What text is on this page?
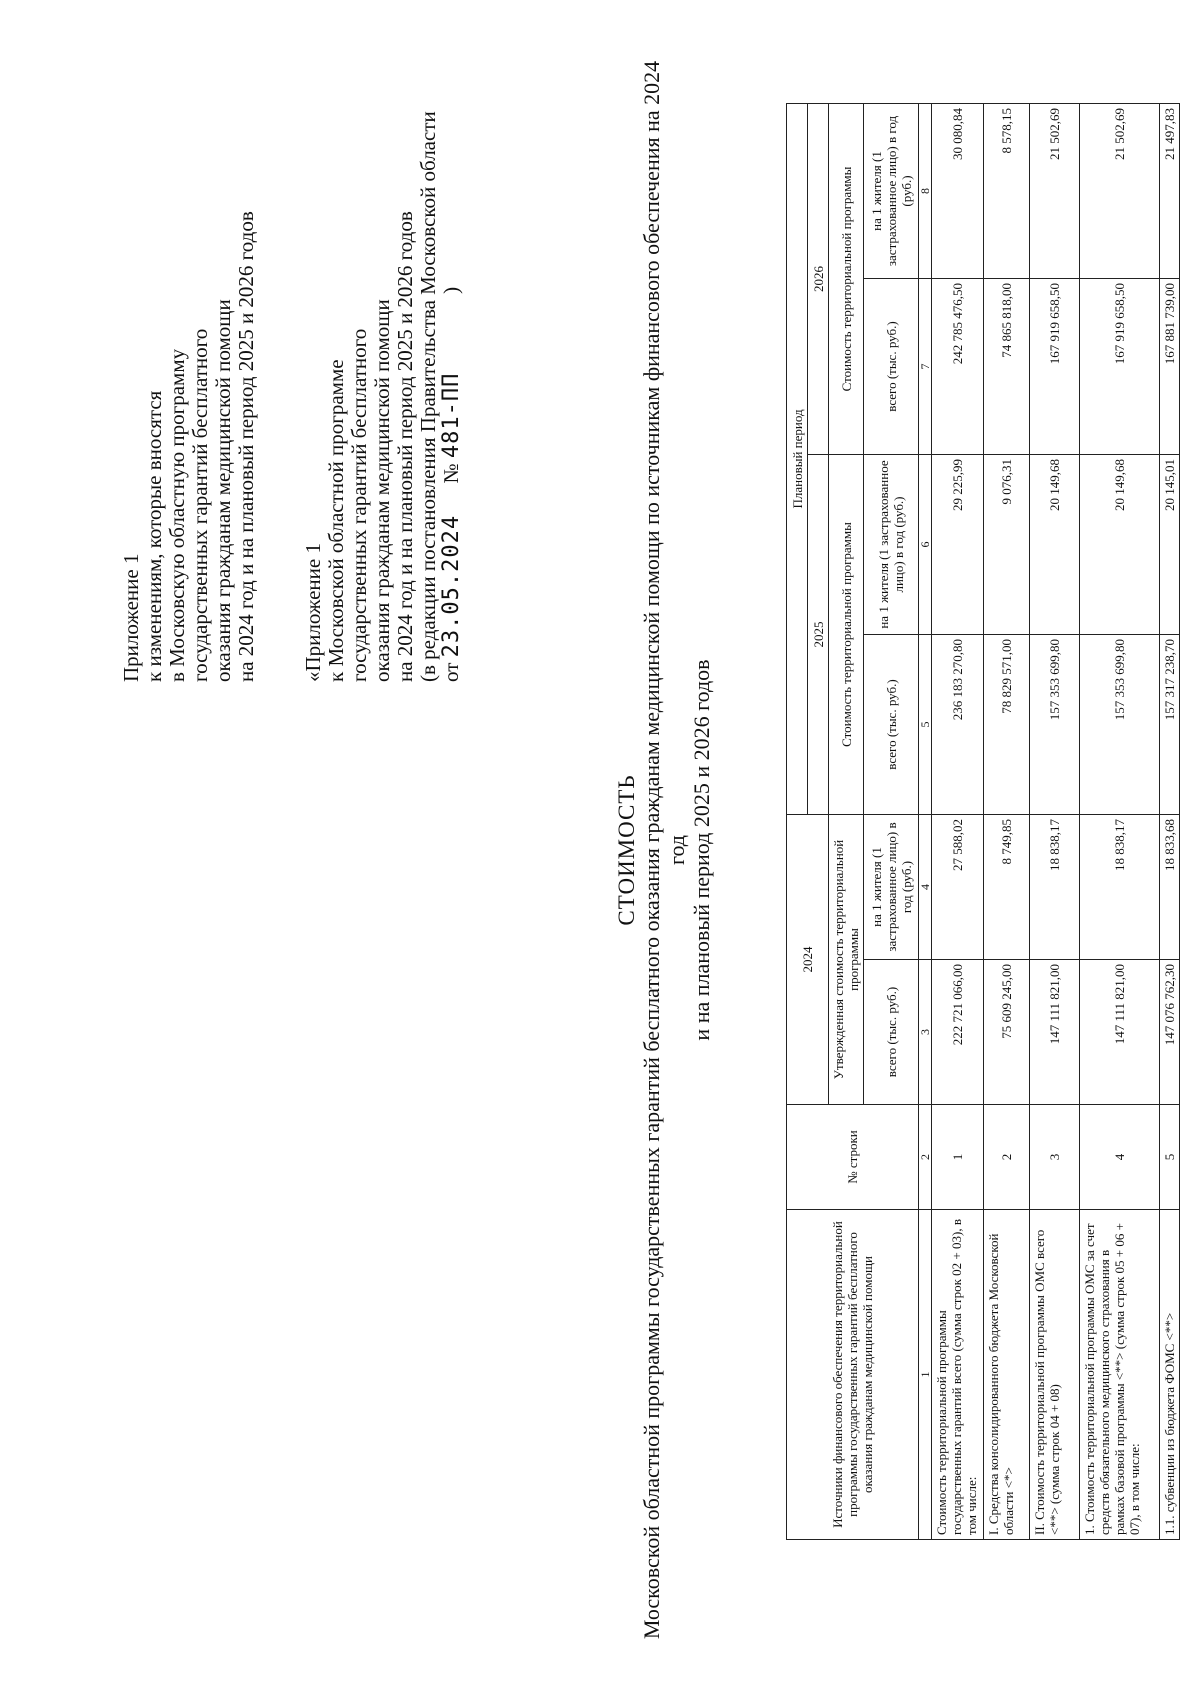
Приложение 1 к изменениям, которые вносятся в Московскую областную программу государственных гарантий бесплатного оказания гражданам медицинской помощи на 2024 год и на плановый период 2025 и 2026 годов «Приложение 1 к Московской областной программе государственных гарантий бесплатного оказания гражданам медицинской помощи на 2024 год и на плановый период 2025 и 2026 годов (в редакции постановления Правительства Московской области от 23.05.2024      № 481-ПП               )
СТОИМОСТЬ Московской областной программы государственных гарантий бесплатного оказания гражданам медицинской помощи по источникам финансового обеспечения на 2024 год и на плановый период 2025 и 2026 годов
Источники финансового обеспечения территориальной программы государственных гарантий бесплатного оказания гражданам медицинской помощи	№ строки	2024		Плановый период			
				2025		2026	
		Утвержденная стоимость территориальной программы		Стоимость территориальной программы		Стоимость территориальной программы	
		всего (тыс. руб.)	на 1 жителя (1 застрахованное лицо) в год (руб.)	всего (тыс. руб.)	на 1 жителя (1 застрахованное лицо) в год (руб.)	всего (тыс. руб.)	на 1 жителя (1 застрахованное лицо) в год (руб.)
1	2	3	4	5	6	7	8
Стоимость территориальной программы государственных гарантий всего (сумма строк 02 + 03), в том числе:	1	222 721 066,00	27 588,02	236 183 270,80	29 225,99	242 785 476,50	30 080,84
I. Средства консолидированного бюджета Московской области <*>	2	75 609 245,00	8 749,85	78 829 571,00	9 076,31	74 865 818,00	8 578,15
II. Стоимость территориальной программы ОМС всего <**> (сумма строк 04 + 08)	3	147 111 821,00	18 838,17	157 353 699,80	20 149,68	167 919 658,50	21 502,69
1. Стоимость территориальной программы ОМС за счет средств обязательного медицинского страхования в рамках базовой программы <**> (сумма строк 05 + 06 + 07), в том числе:	4	147 111 821,00	18 838,17	157 353 699,80	20 149,68	167 919 658,50	21 502,69
1.1. субвенции из бюджета ФОМС <**>	5	147 076 762,30	18 833,68	157 317 238,70	20 145,01	167 881 739,00	21 497,83
